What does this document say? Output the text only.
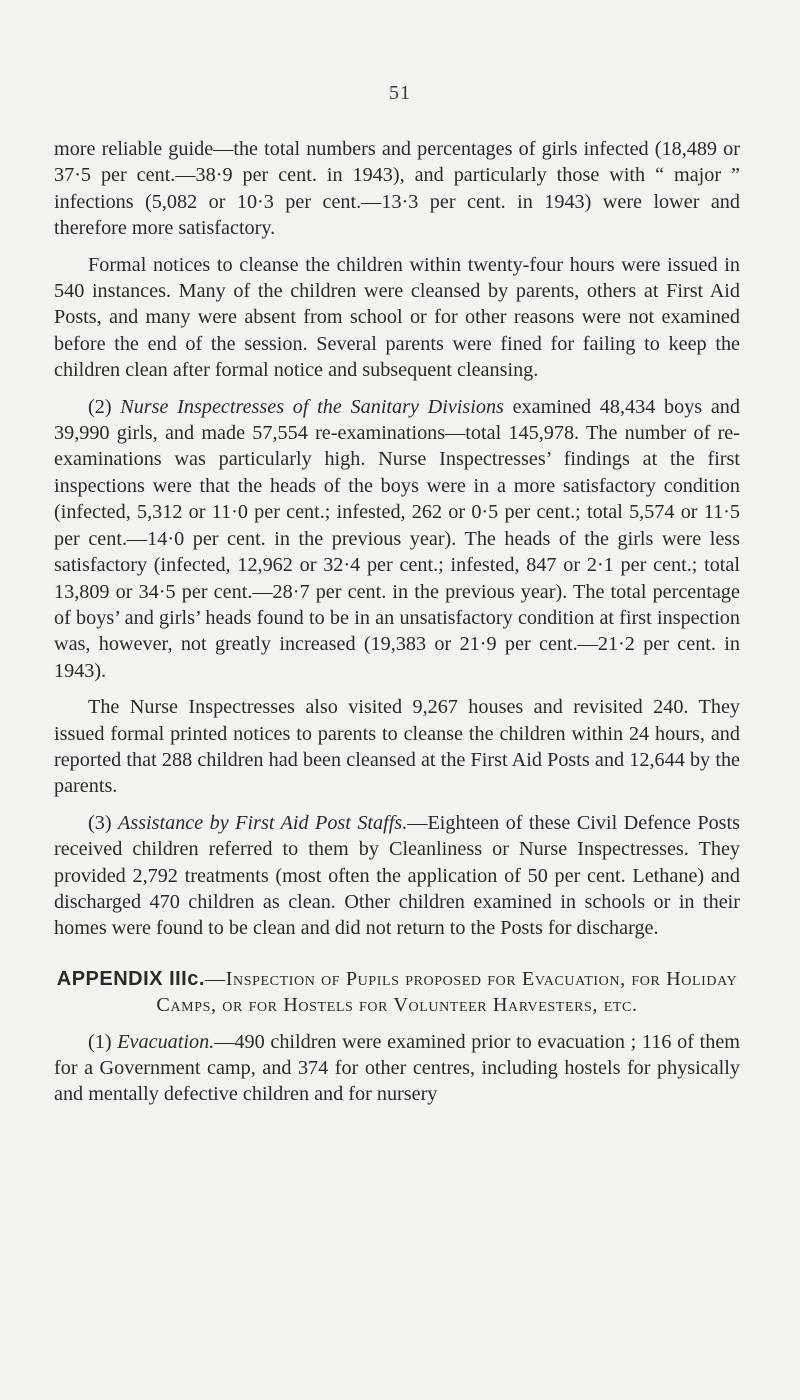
51

more reliable guide—the total numbers and percentages of girls infected (18,489 or 37·5 per cent.—38·9 per cent. in 1943), and particularly those with “ major ” infections (5,082 or 10·3 per cent.—13·3 per cent. in 1943) were lower and therefore more satisfactory.

Formal notices to cleanse the children within twenty-four hours were issued in 540 instances. Many of the children were cleansed by parents, others at First Aid Posts, and many were absent from school or for other reasons were not examined before the end of the session. Several parents were fined for failing to keep the children clean after formal notice and subsequent cleansing.

(2) Nurse Inspectresses of the Sanitary Divisions examined 48,434 boys and 39,990 girls, and made 57,554 re-examinations—total 145,978. The number of re-examinations was particularly high. Nurse Inspectresses’ findings at the first inspections were that the heads of the boys were in a more satisfactory condition (infected, 5,312 or 11·0 per cent.; infested, 262 or 0·5 per cent.; total 5,574 or 11·5 per cent.—14·0 per cent. in the previous year). The heads of the girls were less satisfactory (infected, 12,962 or 32·4 per cent.; infested, 847 or 2·1 per cent.; total 13,809 or 34·5 per cent.—28·7 per cent. in the previous year). The total percentage of boys’ and girls’ heads found to be in an unsatisfactory condition at first inspection was, however, not greatly increased (19,383 or 21·9 per cent.—21·2 per cent. in 1943).

The Nurse Inspectresses also visited 9,267 houses and revisited 240. They issued formal printed notices to parents to cleanse the children within 24 hours, and reported that 288 children had been cleansed at the First Aid Posts and 12,644 by the parents.

(3) Assistance by First Aid Post Staffs.—Eighteen of these Civil Defence Posts received children referred to them by Cleanliness or Nurse Inspectresses. They provided 2,792 treatments (most often the application of 50 per cent. Lethane) and discharged 470 children as clean. Other children examined in schools or in their homes were found to be clean and did not return to the Posts for discharge.

APPENDIX IIIc.—Inspection of Pupils proposed for Evacuation, for Holiday Camps, or for Hostels for Volunteer Harvesters, etc.

(1) Evacuation.—490 children were examined prior to evacuation ; 116 of them for a Government camp, and 374 for other centres, including hostels for physically and mentally defective children and for nursery
